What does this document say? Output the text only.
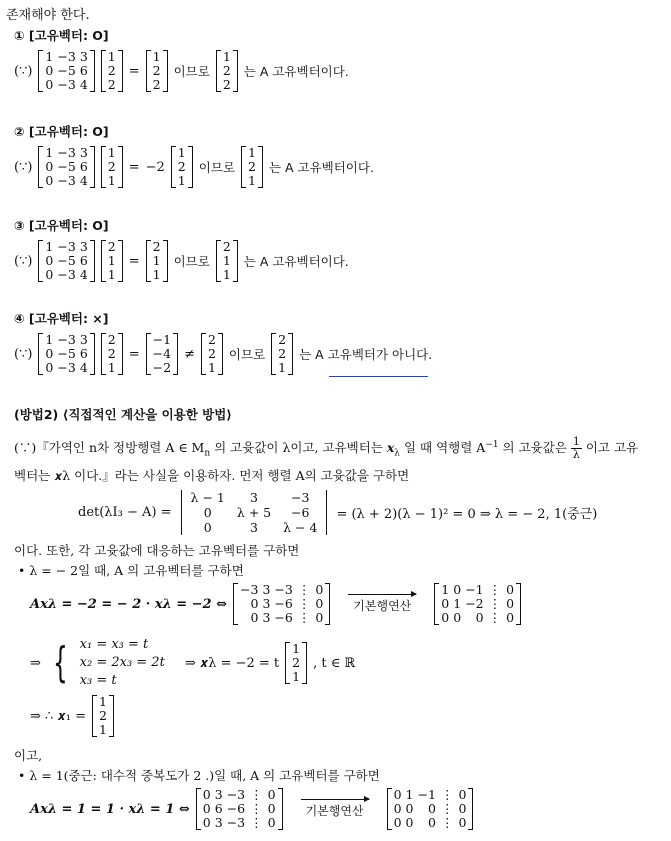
존재해야 한다.
① [고유벡터: O]
(∵)
1	−3	3
0	−5	6
0	−3	4
1
2
2
=
1
2
2
이므로
1
2
2
는 A 고유벡터이다.
② [고유벡터: O]
(∵)
1	−3	3
0	−5	6
0	−3	4
1
2
1
= −2
1
2
1
이므로
1
2
1
는 A 고유벡터이다.
③ [고유벡터: O]
(∵)
1	−3	3
0	−5	6
0	−3	4
2
1
1
=
2
1
1
이므로
2
1
1
는 A 고유벡터이다.
④ [고유벡터: ×]
(∵)
1	−3	3
0	−5	6
0	−3	4
2
2
1
=
−1
−4
−2
≠
2
2
1
이므로
2
2
1
는 A 고유벡터가 아니다.
(방법2) ⟨직접적인 계산을 이용한 방법⟩
(∵)『가역인 n차 정방행렬 A ∈ $M_n$ 의 고윳값이 λ이고, 고유벡터는 $x_\lambda$ 일 때 역행렬 $A^{-1}$ 의 고윳값은 $\frac{1}{\lambda}$ 이고 고유
벡터는 𝒙λ 이다.』라는 사실을 이용하자. 먼저 행렬 A의 고윳값을 구하면
det(λI₃ − A) =
λ − 1	3	−3
0	λ + 5	−6
0	3	λ − 4
= (λ + 2)(λ − 1)² = 0 ⇒ λ = − 2, 1(중근)
이다. 또한, 각 고윳값에 대응하는 고유벡터를 구하면
• λ = − 2일 때, A 의 고유벡터를 구하면
A𝒙λ = −2 = − 2 · 𝒙λ = −2 ⇔
−3	3	−3	⋮	0
0	3	−6	⋮	0
0	3	−6	⋮	0
기본행연산
1	0	−1	⋮	0
0	1	−2	⋮	0
0	0	0	⋮	0
⇒ { x₁ = x₃ = t
x₂ = 2x₃ = 2t
x₃ = t
⇒ 𝒙λ = −2 = t
1
2
1
, t ∈ ℝ
⇒ ∴ 𝒙₁ =
1
2
1
이고,
• λ = 1(중근: 대수적 중복도가 2 .)일 때, A 의 고유벡터를 구하면
A𝒙λ = 1 = 1 · 𝒙λ = 1 ⇔
0	3	−3	⋮	0
0	6	−6	⋮	0
0	3	−3	⋮	0
기본행연산
0	1	−1	⋮	0
0	0	0	⋮	0
0	0	0	⋮	0
